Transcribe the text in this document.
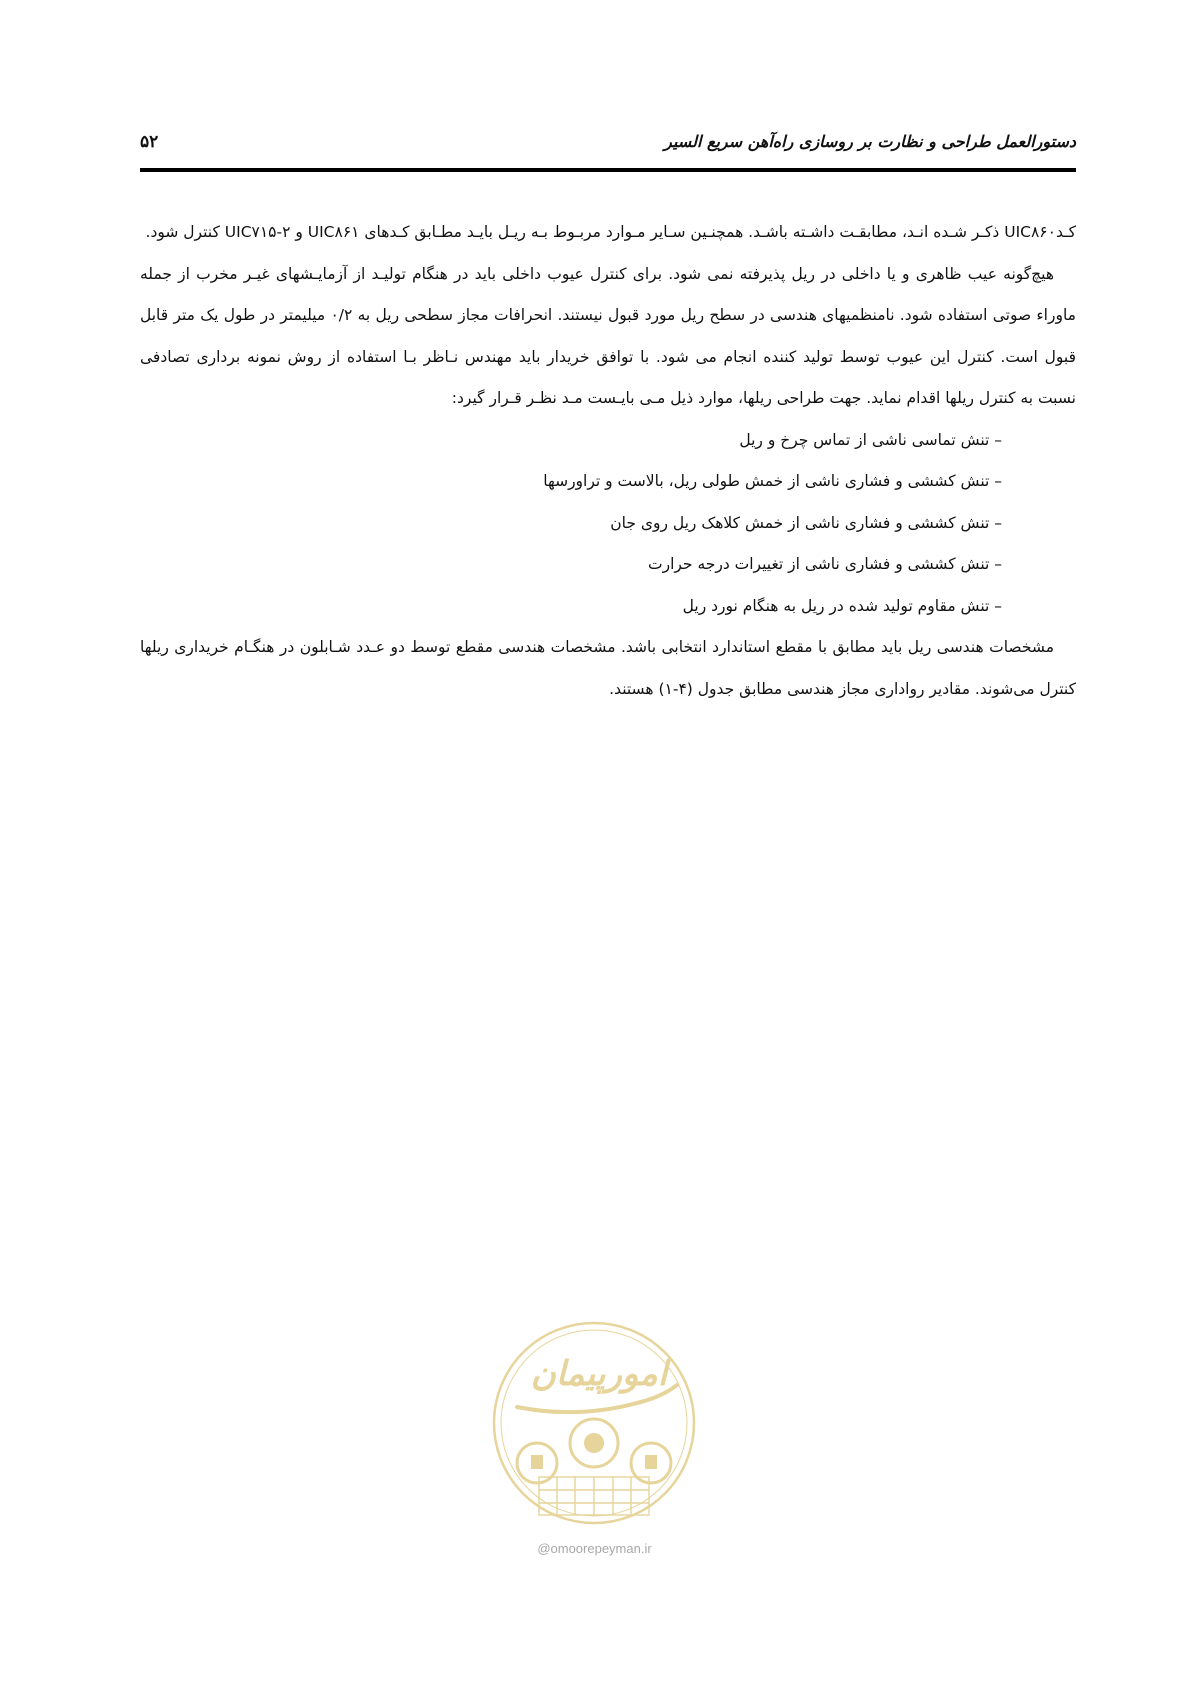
دستورالعمل طراحی و نظارت بر روسازی راه‌آهن سریع السیر
۵۲

کـدUIC۸۶۰ ذکـر شـده انـد، مطابقـت داشـته باشـد. همچنـین سـایر مـوارد مربـوط بـه ریـل بایـد مطـابق کـدهای UIC۸۶۱ و UIC۷۱۵-۲ کنترل شود.

هیچ‌گونه عیب ظاهری و یا داخلی در ریل پذیرفته نمی شود. برای کنترل عیوب داخلی باید در هنگام تولیـد از آزمایـشهای غیـر مخرب از جمله ماوراء صوتی استفاده شود. نامنظمیهای هندسی در سطح ریل مورد قبول نیستند. انحرافات مجاز سطحی ریل به ۰/۲ میلیمتر در طول یک متر قابل قبول است. کنترل این عیوب توسط تولید کننده انجام می شود. با توافق خریدار باید مهندس نـاظر بـا استفاده از روش نمونه برداری تصادفی نسبت به کنترل ریلها اقدام نماید. جهت طراحی ریلها، موارد ذیل مـی بایـست مـد نظـر قـرار گیرد:

– تنش تماسی ناشی از تماس چرخ و ریل
– تنش کششی و فشاری ناشی از خمش طولی ریل، بالاست و تراورسها
– تنش کششی و فشاری ناشی از خمش کلاهک ریل روی جان
– تنش کششی و فشاری ناشی از تغییرات درجه حرارت
– تنش مقاوم تولید شده در ریل به هنگام نورد ریل

مشخصات هندسی ریل باید مطابق با مقطع استاندارد انتخابی باشد. مشخصات هندسی مقطع توسط دو عـدد شـابلون در هنگـام خریداری ریلها کنترل می‌شوند. مقادیر رواداری مجاز هندسی مطابق جدول (۴-۱) هستند.

امورپیمان
@omoorepeyman.ir
